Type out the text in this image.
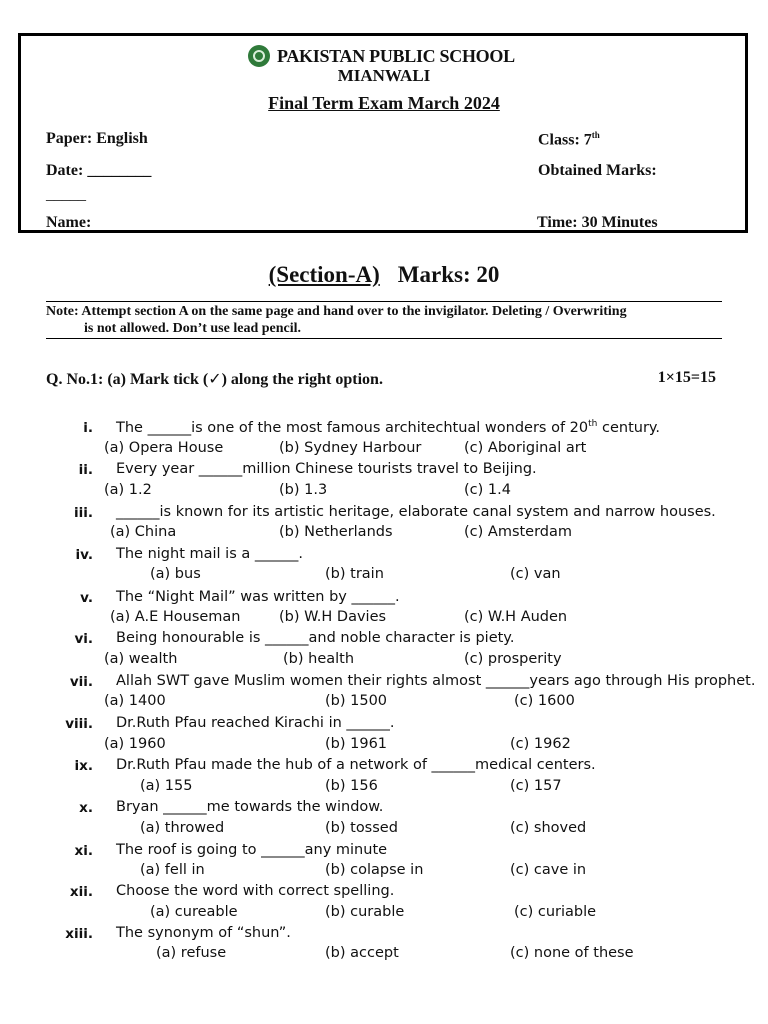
PAKISTAN PUBLIC SCHOOL
MIANWALI
Final Term Exam March 2024
Paper: English	Class: 7th
Date: ________	Obtained Marks:
_____
Name:	Time: 30 Minutes
(Section-A) Marks: 20
Note: Attempt section A on the same page and hand over to the invigilator. Deleting / Overwriting
is not allowed. Don’t use lead pencil.
Q. No.1: (a) Mark tick (✓) along the right option.	1×15=15
i. The ______is one of the most famous architechtual wonders of 20th century.
(a) Opera House	(b) Sydney Harbour	(c) Aboriginal art
ii. Every year ______million Chinese tourists travel to Beijing.
(a) 1.2	(b) 1.3	(c) 1.4
iii. ______is known for its artistic heritage, elaborate canal system and narrow houses.
(a) China	(b) Netherlands	(c) Amsterdam
iv. The night mail is a ______.
(a) bus	(b) train	(c) van
v. The “Night Mail” was written by ______.
(a) A.E Houseman	(b) W.H Davies	(c) W.H Auden
vi. Being honourable is ______and noble character is piety.
(a) wealth	(b) health	(c) prosperity
vii. Allah SWT gave Muslim women their rights almost ______years ago through His prophet.
(a) 1400	(b) 1500	(c) 1600
viii. Dr.Ruth Pfau reached Kirachi in ______.
(a) 1960	(b) 1961	(c) 1962
ix. Dr.Ruth Pfau made the hub of a network of ______medical centers.
(a) 155	(b) 156	(c) 157
x. Bryan ______me towards the window.
(a) throwed	(b) tossed	(c) shoved
xi. The roof is going to ______any minute
(a) fell in	(b) colapse in	(c) cave in
xii. Choose the word with correct spelling.
(a) cureable	(b) curable	(c) curiable
xiii. The synonym of “shun”.
(a) refuse	(b) accept	(c) none of these
